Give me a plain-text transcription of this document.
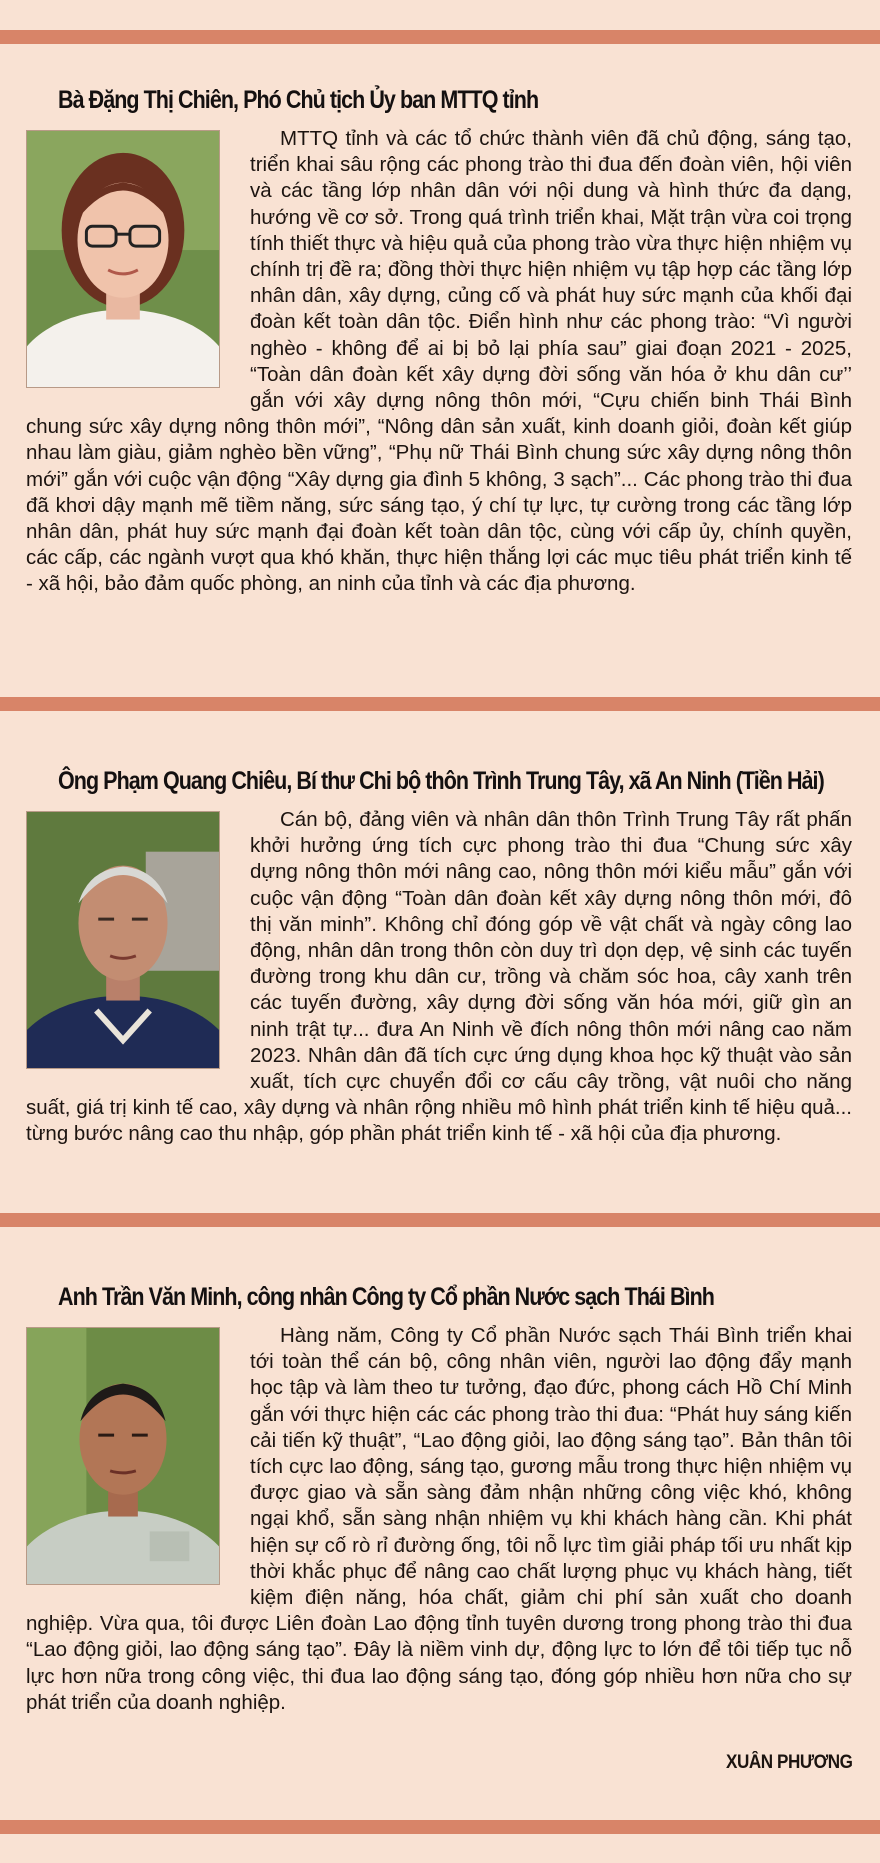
Bà Đặng Thị Chiên, Phó Chủ tịch Ủy ban MTTQ tỉnh
MTTQ tỉnh và các tổ chức thành viên đã chủ động, sáng tạo, triển khai sâu rộng các phong trào thi đua đến đoàn viên, hội viên và các tầng lớp nhân dân với nội dung và hình thức đa dạng, hướng về cơ sở. Trong quá trình triển khai, Mặt trận vừa coi trọng tính thiết thực và hiệu quả của phong trào vừa thực hiện nhiệm vụ chính trị đề ra; đồng thời thực hiện nhiệm vụ tập hợp các tầng lớp nhân dân, xây dựng, củng cố và phát huy sức mạnh của khối đại đoàn kết toàn dân tộc. Điển hình như các phong trào: “Vì người nghèo - không để ai bị bỏ lại phía sau” giai đoạn 2021 - 2025, “Toàn dân đoàn kết xây dựng đời sống văn hóa ở khu dân cư’’ gắn với xây dựng nông thôn mới, “Cựu chiến binh Thái Bình chung sức xây dựng nông thôn mới”, “Nông dân sản xuất, kinh doanh giỏi, đoàn kết giúp nhau làm giàu, giảm nghèo bền vững”, “Phụ nữ Thái Bình chung sức xây dựng nông thôn mới” gắn với cuộc vận động “Xây dựng gia đình 5 không, 3 sạch”... Các phong trào thi đua đã khơi dậy mạnh mẽ tiềm năng, sức sáng tạo, ý chí tự lực, tự cường trong các tầng lớp nhân dân, phát huy sức mạnh đại đoàn kết toàn dân tộc, cùng với cấp ủy, chính quyền, các cấp, các ngành vượt qua khó khăn, thực hiện thắng lợi các mục tiêu phát triển kinh tế - xã hội, bảo đảm quốc phòng, an ninh của tỉnh và các địa phương.
Ông Phạm Quang Chiêu, Bí thư Chi bộ thôn Trình Trung Tây, xã An Ninh (Tiền Hải)
Cán bộ, đảng viên và nhân dân thôn Trình Trung Tây rất phấn khởi hưởng ứng tích cực phong trào thi đua “Chung sức xây dựng nông thôn mới nâng cao, nông thôn mới kiểu mẫu” gắn với cuộc vận động “Toàn dân đoàn kết xây dựng nông thôn mới, đô thị văn minh”. Không chỉ đóng góp về vật chất và ngày công lao động, nhân dân trong thôn còn duy trì dọn dẹp, vệ sinh các tuyến đường trong khu dân cư, trồng và chăm sóc hoa, cây xanh trên các tuyến đường, xây dựng đời sống văn hóa mới, giữ gìn an ninh trật tự... đưa An Ninh về đích nông thôn mới nâng cao năm 2023. Nhân dân đã tích cực ứng dụng khoa học kỹ thuật vào sản xuất, tích cực chuyển đổi cơ cấu cây trồng, vật nuôi cho năng suất, giá trị kinh tế cao, xây dựng và nhân rộng nhiều mô hình phát triển kinh tế hiệu quả... từng bước nâng cao thu nhập, góp phần phát triển kinh tế - xã hội của địa phương.
Anh Trần Văn Minh, công nhân Công ty Cổ phần Nước sạch Thái Bình
Hàng năm, Công ty Cổ phần Nước sạch Thái Bình triển khai tới toàn thể cán bộ, công nhân viên, người lao động đẩy mạnh học tập và làm theo tư tưởng, đạo đức, phong cách Hồ Chí Minh gắn với thực hiện các các phong trào thi đua: “Phát huy sáng kiến cải tiến kỹ thuật”, “Lao động giỏi, lao động sáng tạo”. Bản thân tôi tích cực lao động, sáng tạo, gương mẫu trong thực hiện nhiệm vụ được giao và sẵn sàng đảm nhận những công việc khó, không ngại khổ, sẵn sàng nhận nhiệm vụ khi khách hàng cần. Khi phát hiện sự cố rò rỉ đường ống, tôi nỗ lực tìm giải pháp tối ưu nhất kịp thời khắc phục để nâng cao chất lượng phục vụ khách hàng, tiết kiệm điện năng, hóa chất, giảm chi phí sản xuất cho doanh nghiệp. Vừa qua, tôi được Liên đoàn Lao động tỉnh tuyên dương trong phong trào thi đua “Lao động giỏi, lao động sáng tạo”. Đây là niềm vinh dự, động lực to lớn để tôi tiếp tục nỗ lực hơn nữa trong công việc, thi đua lao động sáng tạo, đóng góp nhiều hơn nữa cho sự phát triển của doanh nghiệp.
XUÂN PHƯƠNG
